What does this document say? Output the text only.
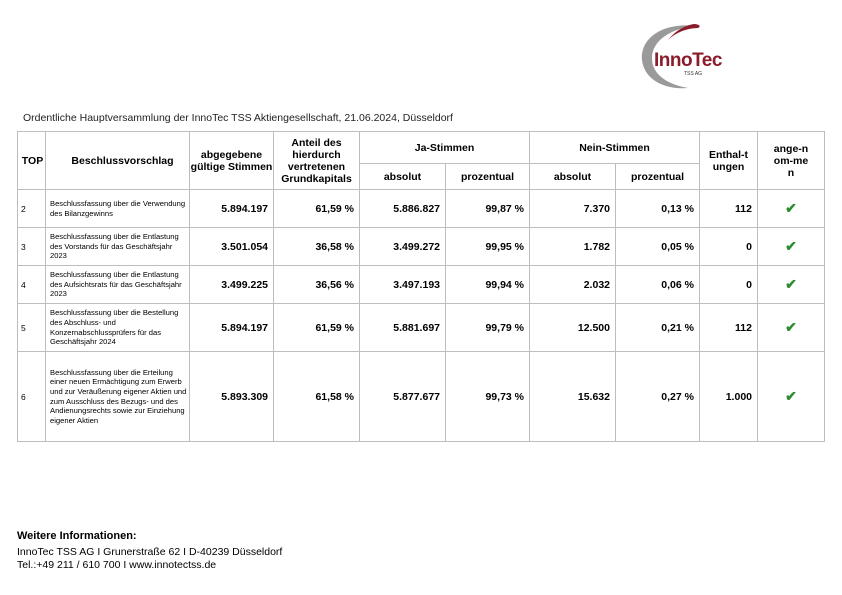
InnoTec
TSS AG
Ordentliche Hauptversammlung der InnoTec TSS Aktiengesellschaft, 21.06.2024, Düsseldorf
TOP	Beschlussvorschlag	abgegebene gültige Stimmen	Anteil des hierdurch vertretenen Grundkapitals	Ja-Stimmen		Nein-Stimmen		Enthal-tungen	ange-nom-men
				absolut	prozentual	absolut	prozentual		
2	Beschlussfassung über die Verwendung des Bilanzgewinns	5.894.197	61,59 %	5.886.827	99,87 %	7.370	0,13 %	112	✔
3	Beschlussfassung über die Entlastung des Vorstands für das Geschäftsjahr 2023	3.501.054	36,58 %	3.499.272	99,95 %	1.782	0,05 %	0	✔
4	Beschlussfassung über die Entlastung des Aufsichtsrats für das Geschäftsjahr 2023	3.499.225	36,56 %	3.497.193	99,94 %	2.032	0,06 %	0	✔
5	Beschlussfassung über die Bestellung des Abschluss- und Konzernabschlussprüfers für das Geschäftsjahr 2024	5.894.197	61,59 %	5.881.697	99,79 %	12.500	0,21 %	112	✔
6	Beschlussfassung über die Erteilung einer neuen Ermächtigung zum Erwerb und zur Veräußerung eigener Aktien und zum Ausschluss des Bezugs- und des Andienungsrechts sowie zur Einziehung eigener Aktien	5.893.309	61,58 %	5.877.677	99,73 %	15.632	0,27 %	1.000	✔
Weitere Informationen:
InnoTec TSS AG I Grunerstraße 62 I D-40239 Düsseldorf
Tel.:+49 211 / 610 700 I www.innotectss.de
